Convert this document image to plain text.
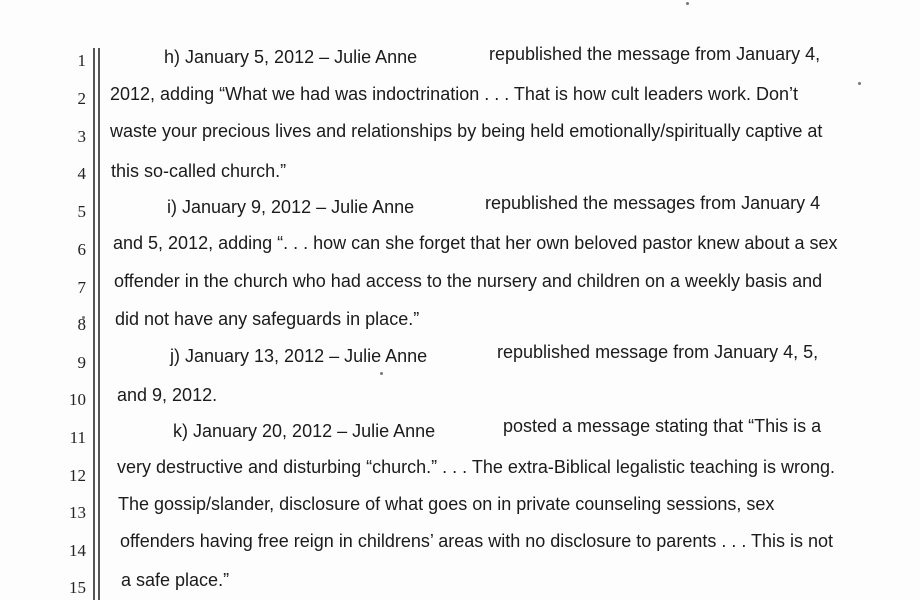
1
2
3
4
5
6
7
8
9
10
11
12
13
14
15
h) January 5, 2012 – Julie Anne	republished the message from January 4,
2012, adding “What we had was indoctrination . . . That is how cult leaders work. Don’t
waste your precious lives and relationships by being held emotionally/spiritually captive at
this so-called church.”
i) January 9, 2012 – Julie Anne	republished the messages from January 4
and 5, 2012, adding “. . . how can she forget that her own beloved pastor knew about a sex
offender in the church who had access to the nursery and children on a weekly basis and
did not have any safeguards in place.”
j) January 13, 2012 – Julie Anne	republished message from January 4, 5,
and 9, 2012.
k) January 20, 2012 – Julie Anne	posted a message stating that “This is a
very destructive and disturbing “church.” . . . The extra-Biblical legalistic teaching is wrong.
The gossip/slander, disclosure of what goes on in private counseling sessions, sex
offenders having free reign in childrens’ areas with no disclosure to parents . . . This is not
a safe place.”
